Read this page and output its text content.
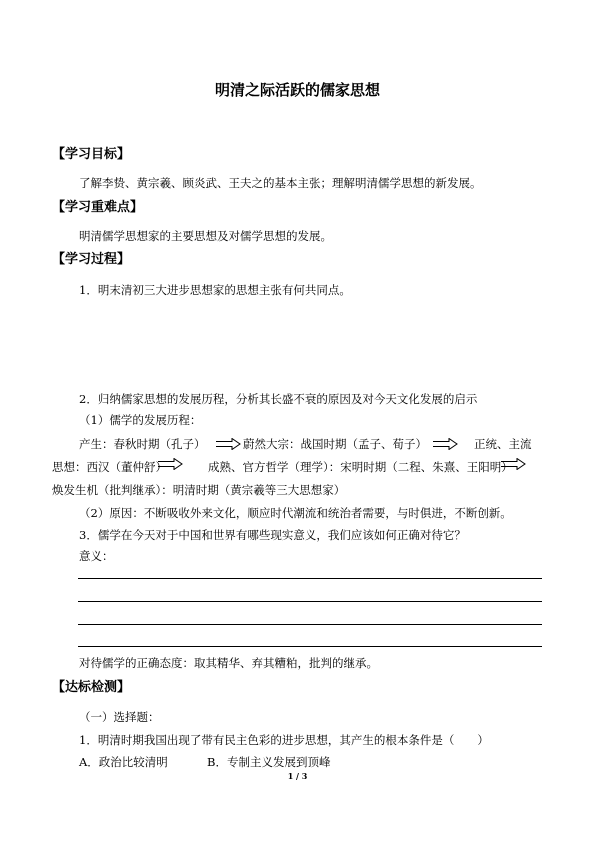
明清之际活跃的儒家思想
【学习目标】
了解李贽、黄宗羲、顾炎武、王夫之的基本主张；理解明清儒学思想的新发展。
【学习重难点】
明清儒学思想家的主要思想及对儒学思想的发展。
【学习过程】
1．明末清初三大进步思想家的思想主张有何共同点。
2．归纳儒家思想的发展历程，分析其长盛不衰的原因及对今天文化发展的启示
（1）儒学的发展历程：
产生：春秋时期（孔子）	蔚然大宗：战国时期（孟子、荀子）	正统、主流
思想：西汉（董仲舒）	成熟、官方哲学（理学）：宋明时期（二程、朱熹、王阳明）
焕发生机（批判继承）：明清时期（黄宗羲等三大思想家）
（2）原因：不断吸收外来文化，顺应时代潮流和统治者需要，与时俱进，不断创新。
3．儒学在今天对于中国和世界有哪些现实意义，我们应该如何正确对待它？
意义：
对待儒学的正确态度：取其精华、弃其糟粕，批判的继承。
【达标检测】
（一）选择题：
1．明清时期我国出现了带有民主色彩的进步思想，其产生的根本条件是（　　）
A．政治比较清明	B．专制主义发展到顶峰
1 / 3
